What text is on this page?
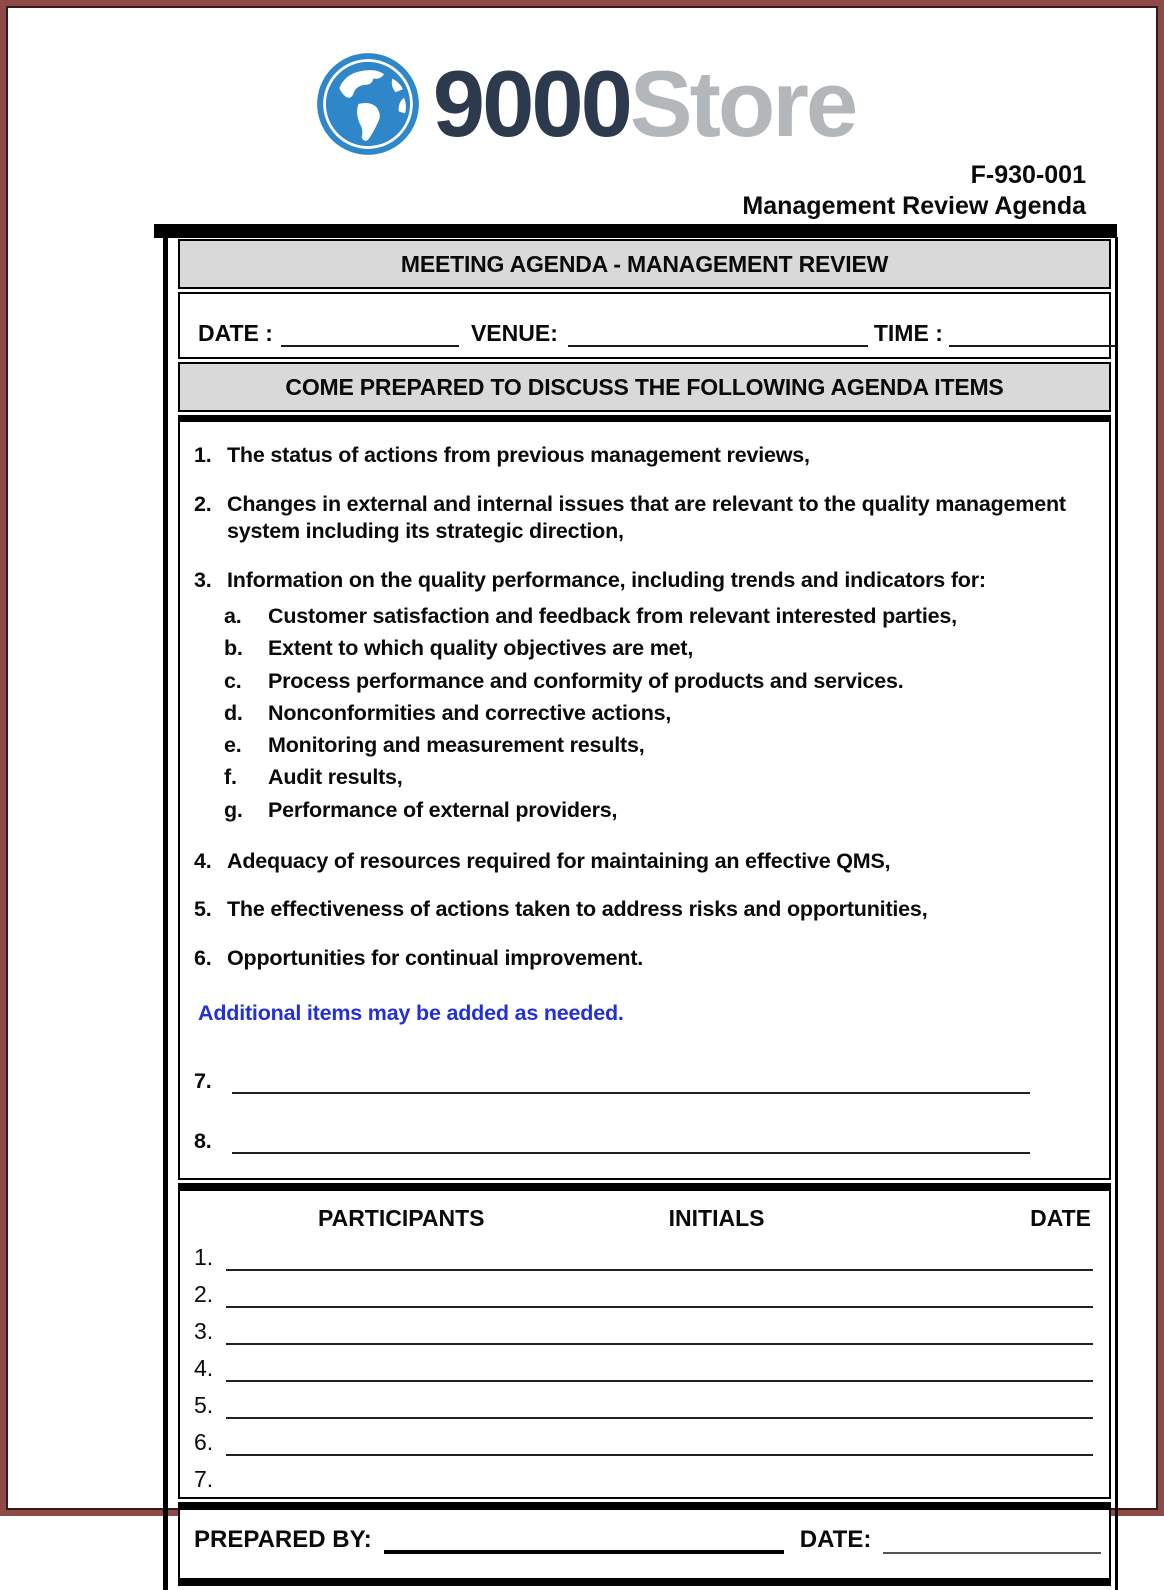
9000Store
F-930-001
Management Review Agenda
MEETING AGENDA - MANAGEMENT REVIEW
DATE :	VENUE:	TIME :
COME PREPARED TO DISCUSS THE FOLLOWING AGENDA ITEMS
1. The status of actions from previous management reviews,
2. Changes in external and internal issues that are relevant to the quality management system including its strategic direction,
3. Information on the quality performance, including trends and indicators for:
a.	Customer satisfaction and feedback from relevant interested parties,
b.	Extent to which quality objectives are met,
c.	Process performance and conformity of products and services.
d.	Nonconformities and corrective actions,
e.	Monitoring and measurement results,
f.	Audit results,
g.	Performance of external providers,
4. Adequacy of resources required for maintaining an effective QMS,
5. The effectiveness of actions taken to address risks and opportunities,
6. Opportunities for continual improvement.
Additional items may be added as needed.
7.
8.
PARTICIPANTS	INITIALS	DATE
1.
2.
3.
4.
5.
6.
7.
PREPARED BY:	DATE:
